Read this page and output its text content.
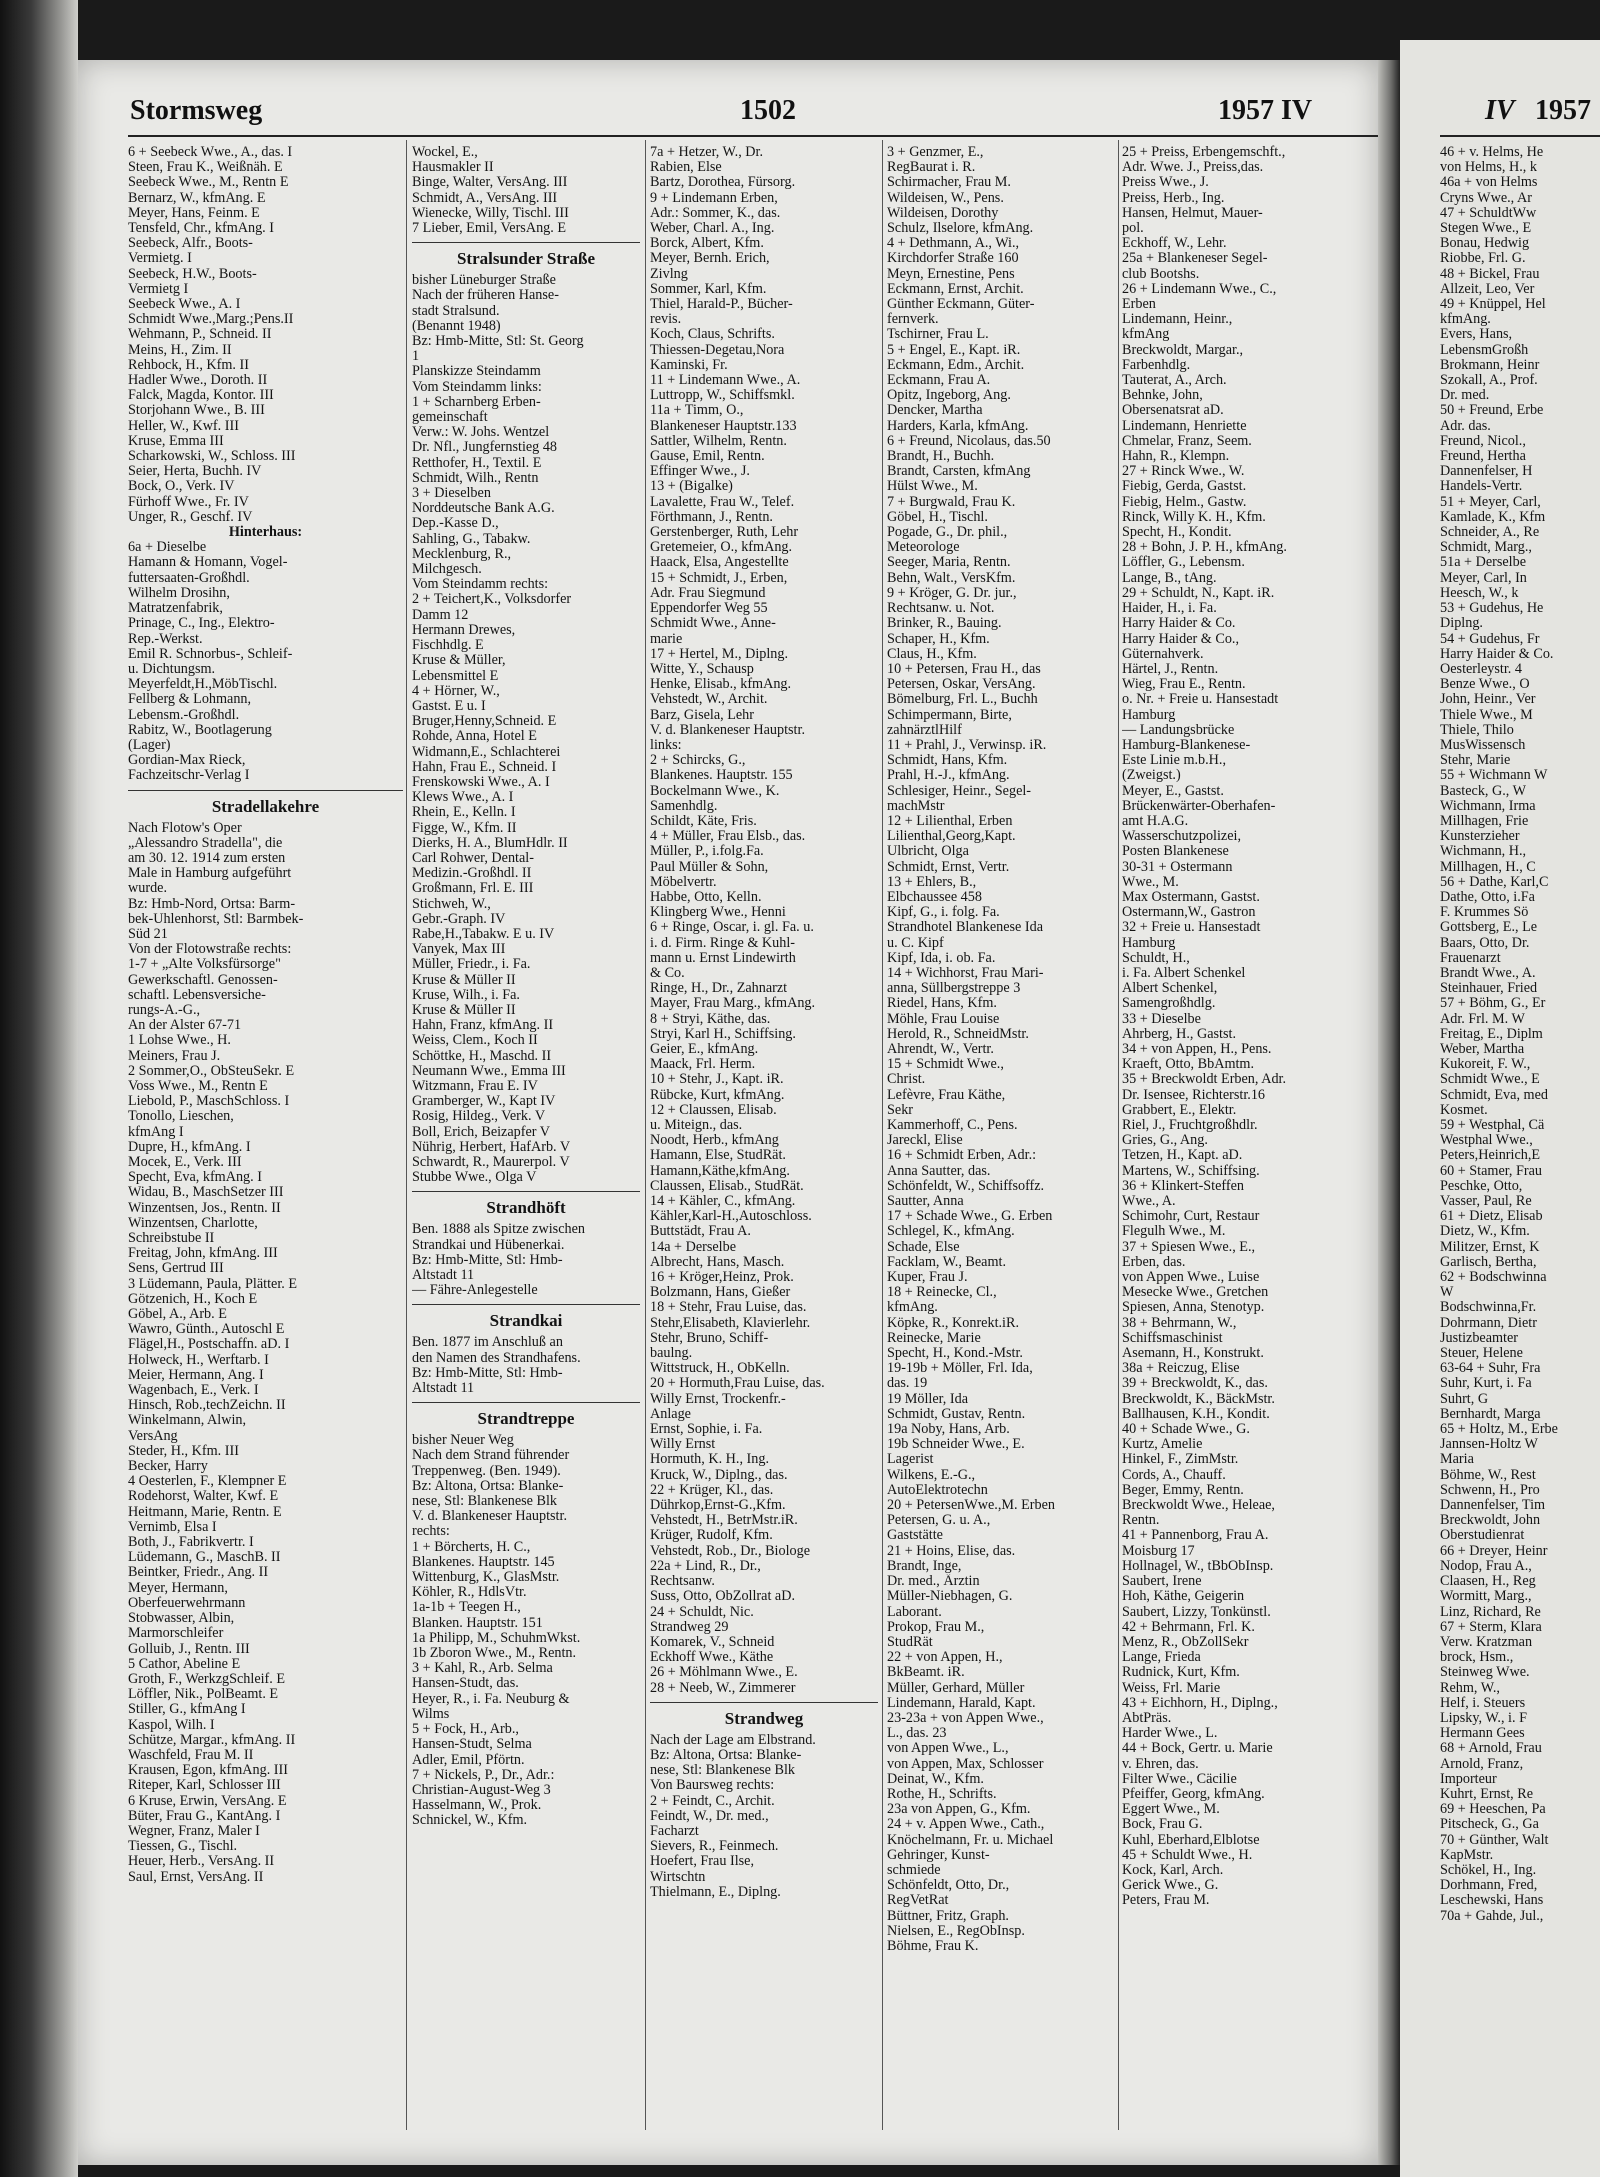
Stormsweg	1502	1957 IV	IV 1957
6 + Seebeck Wwe., A., das. I
Steen, Frau K., Weißnäh. E
Seebeck Wwe., M., Rentn E
Bernarz, W., kfmAng. E
Meyer, Hans, Feinm. E
Tensfeld, Chr., kfmAng. I
Seebeck, Alfr., Boots-
Vermietg. I
Seebeck, H.W., Boots-
Vermietg I
Seebeck Wwe., A. I
Schmidt Wwe.,Marg.;Pens.II
Wehmann, P., Schneid. II
Meins, H., Zim. II
Rehbock, H., Kfm. II
Hadler Wwe., Doroth. II
Falck, Magda, Kontor. III
Storjohann Wwe., B. III
Heller, W., Kwf. III
Kruse, Emma III
Scharkowski, W., Schloss. III
Seier, Herta, Buchh. IV
Bock, O., Verk. IV
Fürhoff Wwe., Fr. IV
Unger, R., Geschf. IV
Hinterhaus:
6a + Dieselbe
Hamann & Homann, Vogel-
futtersaaten-Großhdl.
Wilhelm Drosihn,
Matratzenfabrik,
Prinage, C., Ing., Elektro-
Rep.-Werkst.
Emil R. Schnorbus-, Schleif-
u. Dichtungsm.
Meyerfeldt,H.,MöbTischl.
Fellberg & Lohmann,
Lebensm.-Großhdl.
Rabitz, W., Bootlagerung
(Lager)
Gordian-Max Rieck,
Fachzeitschr-Verlag I
Stradellakehre
Nach Flotow's Oper
„Alessandro Stradella", die
am 30. 12. 1914 zum ersten
Male in Hamburg aufgeführt
wurde.
Bz: Hmb-Nord, Ortsa: Barm-
bek-Uhlenhorst, Stl: Barmbek-
Süd 21
Von der Flotowstraße rechts:
1-7 + „Alte Volksfürsorge"
Gewerkschaftl. Genossen-
schaftl. Lebensversiche-
rungs-A.-G.,
An der Alster 67-71
1 Lohse Wwe., H.
Meiners, Frau J.
2 Sommer,O., ObSteuSekr. E
Voss Wwe., M., Rentn E
Liebold, P., MaschSchloss. I
Tonollo, Lieschen,
kfmAng I
Dupre, H., kfmAng. I
Mocek, E., Verk. III
Specht, Eva, kfmAng. I
Widau, B., MaschSetzer III
Winzentsen, Jos., Rentn. II
Winzentsen, Charlotte,
Schreibstube II
Freitag, John, kfmAng. III
Sens, Gertrud III
3 Lüdemann, Paula, Plätter. E
Götzenich, H., Koch E
Göbel, A., Arb. E
Wawro, Günth., Autoschl E
Flägel,H., Postschaffn. aD. I
Holweck, H., Werftarb. I
Meier, Hermann, Ang. I
Wagenbach, E., Verk. I
Hinsch, Rob.,techZeichn. II
Winkelmann, Alwin,
VersAng
Steder, H., Kfm. III
Becker, Harry
4 Oesterlen, F., Klempner E
Rodehorst, Walter, Kwf. E
Heitmann, Marie, Rentn. E
Vernimb, Elsa I
Both, J., Fabrikvertr. I
Lüdemann, G., MaschB. II
Beintker, Friedr., Ang. II
Meyer, Hermann,
Oberfeuerwehrmann
Stobwasser, Albin,
Marmorschleifer
Golluib, J., Rentn. III
5 Cathor, Abeline E
Groth, F., WerkzgSchleif. E
Löffler, Nik., PolBeamt. E
Stiller, G., kfmAng I
Kaspol, Wilh. I
Schütze, Margar., kfmAng. II
Waschfeld, Frau M. II
Krausen, Egon, kfmAng. III
Riteper, Karl, Schlosser III
6 Kruse, Erwin, VersAng. E
Büter, Frau G., KantAng. I
Wegner, Franz, Maler I
Tiessen, G., Tischl.
Heuer, Herb., VersAng. II
Saul, Ernst, VersAng. II
Wockel, E.,
Hausmakler II
Binge, Walter, VersAng. III
Schmidt, A., VersAng. III
Wienecke, Willy, Tischl. III
7 Lieber, Emil, VersAng. E
Stralsunder Straße
bisher Lüneburger Straße
Nach der früheren Hanse-
stadt Stralsund.
(Benannt 1948)
Bz: Hmb-Mitte, Stl: St. Georg
1
Planskizze Steindamm
Vom Steindamm links:
1 + Scharnberg Erben-
gemeinschaft
Verw.: W. Johs. Wentzel
Dr. Nfl., Jungfernstieg 48
Retthofer, H., Textil. E
Schmidt, Wilh., Rentn
3 + Dieselben
Norddeutsche Bank A.G.
Dep.-Kasse D.,
Sahling, G., Tabakw.
Mecklenburg, R.,
Milchgesch.
Vom Steindamm rechts:
2 + Teichert,K., Volksdorfer
Damm 12
Hermann Drewes,
Fischhdlg. E
Kruse & Müller,
Lebensmittel E
4 + Hörner, W.,
Gastst. E u. I
Bruger,Henny,Schneid. E
Rohde, Anna, Hotel E
Widmann,E., Schlachterei
Hahn, Frau E., Schneid. I
Frenskowski Wwe., A. I
Klews Wwe., A. I
Rhein, E., Kelln. I
Figge, W., Kfm. II
Dierks, H. A., BlumHdlr. II
Carl Rohwer, Dental-
Medizin.-Großhdl. II
Großmann, Frl. E. III
Stichweh, W.,
Gebr.-Graph. IV
Rabe,H.,Tabakw. E u. IV
Vanyek, Max III
Müller, Friedr., i. Fa.
Kruse & Müller II
Kruse, Wilh., i. Fa.
Kruse & Müller II
Hahn, Franz, kfmAng. II
Weiss, Clem., Koch II
Schöttke, H., Maschd. II
Neumann Wwe., Emma III
Witzmann, Frau E. IV
Gramberger, W., Kapt IV
Rosig, Hildeg., Verk. V
Boll, Erich, Beizapfer V
Nührig, Herbert, HafArb. V
Schwardt, R., Maurerpol. V
Stubbe Wwe., Olga V
Strandhöft
Ben. 1888 als Spitze zwischen
Strandkai und Hübenerkai.
Bz: Hmb-Mitte, Stl: Hmb-
Altstadt 11
— Fähre-Anlegestelle
Strandkai
Ben. 1877 im Anschluß an
den Namen des Strandhafens.
Bz: Hmb-Mitte, Stl: Hmb-
Altstadt 11
Strandtreppe
bisher Neuer Weg
Nach dem Strand führender
Treppenweg. (Ben. 1949).
Bz: Altona, Ortsa: Blanke-
nese, Stl: Blankenese Blk
V. d. Blankeneser Hauptstr.
rechts:
1 + Börcherts, H. C.,
Blankenes. Hauptstr. 145
Wittenburg, K., GlasMstr.
Köhler, R., HdlsVtr.
1a-1b + Teegen H.,
Blanken. Hauptstr. 151
1a Philipp, M., SchuhmWkst.
1b Zboron Wwe., M., Rentn.
3 + Kahl, R., Arb. Selma
Hansen-Studt, das.
Heyer, R., i. Fa. Neuburg &
Wilms
5 + Fock, H., Arb.,
Hansen-Studt, Selma
Adler, Emil, Pförtn.
7 + Nickels, P., Dr., Adr.:
Christian-August-Weg 3
Hasselmann, W., Prok.
Schnickel, W., Kfm.
7a + Hetzer, W., Dr.
Rabien, Else
Bartz, Dorothea, Fürsorg.
9 + Lindemann Erben,
Adr.: Sommer, K., das.
Weber, Charl. A., Ing.
Borck, Albert, Kfm.
Meyer, Bernh. Erich,
Zivlng
Sommer, Karl, Kfm.
Thiel, Harald-P., Bücher-
revis.
Koch, Claus, Schrifts.
Thiessen-Degetau,Nora
Kaminski, Fr.
11 + Lindemann Wwe., A.
Luttropp, W., Schiffsmkl.
11a + Timm, O.,
Blankeneser Hauptstr.133
Sattler, Wilhelm, Rentn.
Gause, Emil, Rentn.
Effinger Wwe., J.
13 + (Bigalke)
Lavalette, Frau W., Telef.
Förthmann, J., Rentn.
Gerstenberger, Ruth, Lehr
Gretemeier, O., kfmAng.
Haack, Elsa, Angestellte
15 + Schmidt, J., Erben,
Adr. Frau Siegmund
Eppendorfer Weg 55
Schmidt Wwe., Anne-
marie
17 + Hertel, M., Diplng.
Witte, Y., Schausp
Henke, Elisab., kfmAng.
Vehstedt, W., Archit.
Barz, Gisela, Lehr
V. d. Blankeneser Hauptstr.
links:
2 + Schircks, G.,
Blankenes. Hauptstr. 155
Bockelmann Wwe., K.
Samenhdlg.
Schildt, Käte, Fris.
4 + Müller, Frau Elsb., das.
Müller, P., i.folg.Fa.
Paul Müller & Sohn,
Möbelvertr.
Habbe, Otto, Kelln.
Klingberg Wwe., Henni
6 + Ringe, Oscar, i. gl. Fa. u.
i. d. Firm. Ringe & Kuhl-
mann u. Ernst Lindewirth
& Co.
Ringe, H., Dr., Zahnarzt
Mayer, Frau Marg., kfmAng.
8 + Stryi, Käthe, das.
Stryi, Karl H., Schiffsing.
Geier, E., kfmAng.
Maack, Frl. Herm.
10 + Stehr, J., Kapt. iR.
Rübcke, Kurt, kfmAng.
12 + Claussen, Elisab.
u. Miteign., das.
Noodt, Herb., kfmAng
Hamann, Else, StudRät.
Hamann,Käthe,kfmAng.
Claussen, Elisab., StudRät.
14 + Kähler, C., kfmAng.
Kähler,Karl-H.,Autoschloss.
Buttstädt, Frau A.
14a + Derselbe
Albrecht, Hans, Masch.
16 + Kröger,Heinz, Prok.
Bolzmann, Hans, Gießer
18 + Stehr, Frau Luise, das.
Stehr,Elisabeth, Klavierlehr.
Stehr, Bruno, Schiff-
baulng.
Wittstruck, H., ObKelln.
20 + Hormuth,Frau Luise, das.
Willy Ernst, Trockenfr.-
Anlage
Ernst, Sophie, i. Fa.
Willy Ernst
Hormuth, K. H., Ing.
Kruck, W., Diplng., das.
22 + Krüger, Kl., das.
Dührkop,Ernst-G.,Kfm.
Vehstedt, H., BetrMstr.iR.
Krüger, Rudolf, Kfm.
Vehstedt, Rob., Dr., Biologe
22a + Lind, R., Dr.,
Rechtsanw.
Suss, Otto, ObZollrat aD.
24 + Schuldt, Nic.
Strandweg 29
Komarek, V., Schneid
Eckhoff Wwe., Käthe
26 + Möhlmann Wwe., E.
28 + Neeb, W., Zimmerer
Strandweg
Nach der Lage am Elbstrand.
Bz: Altona, Ortsa: Blanke-
nese, Stl: Blankenese Blk
Von Baursweg rechts:
2 + Feindt, C., Archit.
Feindt, W., Dr. med.,
Facharzt
Sievers, R., Feinmech.
Hoefert, Frau Ilse,
Wirtschtn
Thielmann, E., Diplng.
3 + Genzmer, E.,
RegBaurat i. R.
Schirmacher, Frau M.
Wildeisen, W., Pens.
Wildeisen, Dorothy
Schulz, Ilselore, kfmAng.
4 + Dethmann, A., Wi.,
Kirchdorfer Straße 160
Meyn, Ernestine, Pens
Eckmann, Ernst, Archit.
Günther Eckmann, Güter-
fernverk.
Tschirner, Frau L.
5 + Engel, E., Kapt. iR.
Eckmann, Edm., Archit.
Eckmann, Frau A.
Opitz, Ingeborg, Ang.
Dencker, Martha
Harders, Karla, kfmAng.
6 + Freund, Nicolaus, das.50
Brandt, H., Buchh.
Brandt, Carsten, kfmAng
Hülst Wwe., M.
7 + Burgwald, Frau K.
Göbel, H., Tischl.
Pogade, G., Dr. phil.,
Meteorologe
Seeger, Maria, Rentn.
Behn, Walt., VersKfm.
9 + Kröger, G. Dr. jur.,
Rechtsanw. u. Not.
Brinker, R., Bauing.
Schaper, H., Kfm.
Claus, H., Kfm.
10 + Petersen, Frau H., das
Petersen, Oskar, VersAng.
Bömelburg, Frl. L., Buchh
Schimpermann, Birte,
zahnärztlHilf
11 + Prahl, J., Verwinsp. iR.
Schmidt, Hans, Kfm.
Prahl, H.-J., kfmAng.
Schlesiger, Heinr., Segel-
machMstr
12 + Lilienthal, Erben
Lilienthal,Georg,Kapt.
Ulbricht, Olga
Schmidt, Ernst, Vertr.
13 + Ehlers, B.,
Elbchaussee 458
Kipf, G., i. folg. Fa.
Strandhotel Blankenese Ida
u. C. Kipf
Kipf, Ida, i. ob. Fa.
14 + Wichhorst, Frau Mari-
anna, Süllbergstreppe 3
Riedel, Hans, Kfm.
Möhle, Frau Louise
Herold, R., SchneidMstr.
Ahrendt, W., Vertr.
15 + Schmidt Wwe.,
Christ.
Lefèvre, Frau Käthe,
Sekr
Kammerhoff, C., Pens.
Jareckl, Elise
16 + Schmidt Erben, Adr.:
Anna Sautter, das.
Schönfeldt, W., Schiffsoffz.
Sautter, Anna
17 + Schade Wwe., G. Erben
Schlegel, K., kfmAng.
Schade, Else
Facklam, W., Beamt.
Kuper, Frau J.
18 + Reinecke, Cl.,
kfmAng.
Köpke, R., Konrekt.iR.
Reinecke, Marie
Specht, H., Kond.-Mstr.
19-19b + Möller, Frl. Ida,
das. 19
19 Möller, Ida
Schmidt, Gustav, Rentn.
19a Noby, Hans, Arb.
19b Schneider Wwe., E.
Lagerist
Wilkens, E.-G.,
AutoElektrotechn
20 + PetersenWwe.,M. Erben
Petersen, G. u. A.,
Gaststätte
21 + Hoins, Elise, das.
Brandt, Inge,
Dr. med., Ärztin
Müller-Niebhagen, G.
Laborant.
Prokop, Frau M.,
StudRät
22 + von Appen, H.,
BkBeamt. iR.
Müller, Gerhard, Müller
Lindemann, Harald, Kapt.
23-23a + von Appen Wwe.,
L., das. 23
von Appen Wwe., L.,
von Appen, Max, Schlosser
Deinat, W., Kfm.
Rothe, H., Schrifts.
23a von Appen, G., Kfm.
24 + v. Appen Wwe., Cath.,
Knöchelmann, Fr. u. Michael
Gehringer, Kunst-
schmiede
Schönfeldt, Otto, Dr.,
RegVetRat
Büttner, Fritz, Graph.
Nielsen, E., RegObInsp.
Böhme, Frau K.
25 + Preiss, Erbengemschft.,
Adr. Wwe. J., Preiss,das.
Preiss Wwe., J.
Preiss, Herb., Ing.
Hansen, Helmut, Mauer-
pol.
Eckhoff, W., Lehr.
25a + Blankeneser Segel-
club Bootshs.
26 + Lindemann Wwe., C.,
Erben
Lindemann, Heinr.,
kfmAng
Breckwoldt, Margar.,
Farbenhdlg.
Tauterat, A., Arch.
Behnke, John,
Obersenatsrat aD.
Lindemann, Henriette
Chmelar, Franz, Seem.
Hahn, R., Klempn.
27 + Rinck Wwe., W.
Fiebig, Gerda, Gastst.
Fiebig, Helm., Gastw.
Rinck, Willy K. H., Kfm.
Specht, H., Kondit.
28 + Bohn, J. P. H., kfmAng.
Löffler, G., Lebensm.
Lange, B., tAng.
29 + Schuldt, N., Kapt. iR.
Haider, H., i. Fa.
Harry Haider & Co.
Harry Haider & Co.,
Güternahverk.
Härtel, J., Rentn.
Wieg, Frau E., Rentn.
o. Nr. + Freie u. Hansestadt
Hamburg
— Landungsbrücke
Hamburg-Blankenese-
Este Linie m.b.H.,
(Zweigst.)
Meyer, E., Gastst.
Brückenwärter-Oberhafen-
amt H.A.G.
Wasserschutzpolizei,
Posten Blankenese
30-31 + Ostermann
Wwe., M.
Max Ostermann, Gastst.
Ostermann,W., Gastron
32 + Freie u. Hansestadt
Hamburg
Schuldt, H.,
i. Fa. Albert Schenkel
Albert Schenkel,
Samengroßhdlg.
33 + Dieselbe
Ahrberg, H., Gastst.
34 + von Appen, H., Pens.
Kraeft, Otto, BbAmtm.
35 + Breckwoldt Erben, Adr.
Dr. Isensee, Richterstr.16
Grabbert, E., Elektr.
Riel, J., Fruchtgroßhdlr.
Gries, G., Ang.
Tetzen, H., Kapt. aD.
Martens, W., Schiffsing.
36 + Klinkert-Steffen
Wwe., A.
Schimohr, Curt, Restaur
Flegulh Wwe., M.
37 + Spiesen Wwe., E.,
Erben, das.
von Appen Wwe., Luise
Mesecke Wwe., Gretchen
Spiesen, Anna, Stenotyp.
38 + Behrmann, W.,
Schiffsmaschinist
Asemann, H., Konstrukt.
38a + Reiczug, Elise
39 + Breckwoldt, K., das.
Breckwoldt, K., BäckMstr.
Ballhausen, K.H., Kondit.
40 + Schade Wwe., G.
Kurtz, Amelie
Hinkel, F., ZimMstr.
Cords, A., Chauff.
Beger, Emmy, Rentn.
Breckwoldt Wwe., Heleae,
Rentn.
41 + Pannenborg, Frau A.
Moisburg 17
Hollnagel, W., tBbObInsp.
Saubert, Irene
Hoh, Käthe, Geigerin
Saubert, Lizzy, Tonkünstl.
42 + Behrmann, Frl. K.
Menz, R., ObZollSekr
Lange, Frieda
Rudnick, Kurt, Kfm.
Weiss, Frl. Marie
43 + Eichhorn, H., Diplng.,
AbtPräs.
Harder Wwe., L.
44 + Bock, Gertr. u. Marie
v. Ehren, das.
Filter Wwe., Cäcilie
Pfeiffer, Georg, kfmAng.
Eggert Wwe., M.
Bock, Frau G.
Kuhl, Eberhard,Elblotse
45 + Schuldt Wwe., H.
Kock, Karl, Arch.
Gerick Wwe., G.
Peters, Frau M.
46 + v. Helms, He
von Helms, H., k
46a + von Helms
Cryns Wwe., Ar
47 + SchuldtWw
Stegen Wwe., E
Bonau, Hedwig
Riobbe, Frl. G.
48 + Bickel, Frau
Allzeit, Leo, Ver
49 + Knüppel, Hel
kfmAng.
Evers, Hans,
LebensmGroßh
Brokmann, Heinr
Szokall, A., Prof.
Dr. med.
50 + Freund, Erbe
Adr. das.
Freund, Nicol.,
Freund, Hertha
Dannenfelser, H
Handels-Vertr.
51 + Meyer, Carl,
Kamlade, K., Kfm
Schneider, A., Re
Schmidt, Marg.,
51a + Derselbe
Meyer, Carl, In
Heesch, W., k
53 + Gudehus, He
Diplng.
54 + Gudehus, Fr
Harry Haider & Co.
Oesterleystr. 4
Benze Wwe., O
John, Heinr., Ver
Thiele Wwe., M
Thiele, Thilo
MusWissensch
Stehr, Marie
55 + Wichmann W
Basteck, G., W
Wichmann, Irma
Millhagen, Frie
Kunsterzieher
Wichmann, H.,
Millhagen, H., C
56 + Dathe, Karl,C
Dathe, Otto, i.Fa
F. Krummes Sö
Gottsberg, E., Le
Baars, Otto, Dr.
Frauenarzt
Brandt Wwe., A.
Steinhauer, Fried
57 + Böhm, G., Er
Adr. Frl. M. W
Freitag, E., Diplm
Weber, Martha
Kukoreit, F. W.,
Schmidt Wwe., E
Schmidt, Eva, med
Kosmet.
59 + Westphal, Cä
Westphal Wwe.,
Peters,Heinrich,E
60 + Stamer, Frau
Peschke, Otto,
Vasser, Paul, Re
61 + Dietz, Elisab
Dietz, W., Kfm.
Militzer, Ernst, K
Garlisch, Bertha,
62 + Bodschwinna
W
Bodschwinna,Fr.
Dohrmann, Dietr
Justizbeamter
Steuer, Helene
63-64 + Suhr, Fra
Suhr, Kurt, i. Fa
Suhrt, G
Bernhardt, Marga
65 + Holtz, M., Erbe
Jannsen-Holtz W
Maria
Böhme, W., Rest
Schwenn, H., Pro
Dannenfelser, Tim
Breckwoldt, John
Oberstudienrat
66 + Dreyer, Heinr
Nodop, Frau A.,
Claasen, H., Reg
Wormitt, Marg.,
Linz, Richard, Re
67 + Sterm, Klara
Verw. Kratzman
brock, Hsm.,
Steinweg Wwe.
Rehm, W.,
Helf, i. Steuers
Lipsky, W., i. F
Hermann Gees
68 + Arnold, Frau
Arnold, Franz,
Importeur
Kuhrt, Ernst, Re
69 + Heeschen, Pa
Pitscheck, G., Ga
70 + Günther, Walt
KapMstr.
Schökel, H., Ing.
Dorhmann, Fred,
Leschewski, Hans
70a + Gahde, Jul.,
